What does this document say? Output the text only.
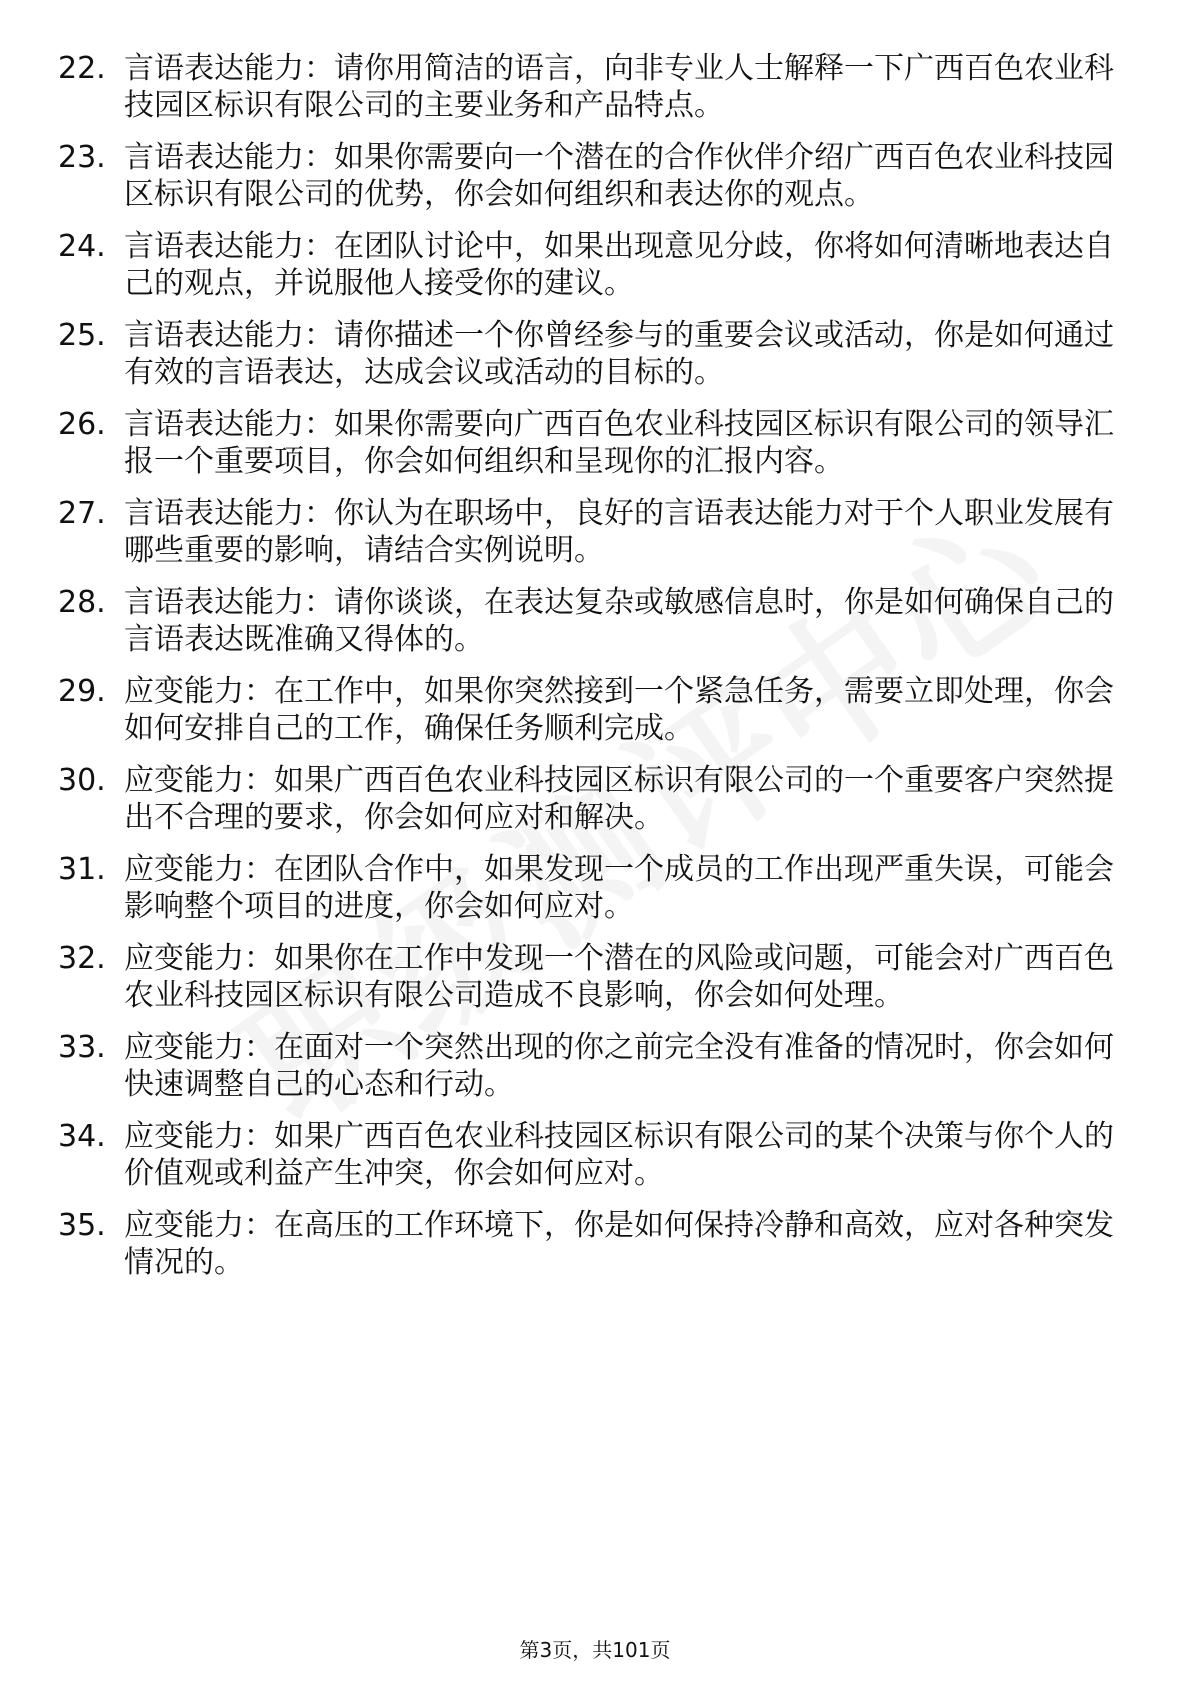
22. 言语表达能力：请你用简洁的语言，向非专业人士解释一下广西百色农业科技园区标识有限公司的主要业务和产品特点。
23. 言语表达能力：如果你需要向一个潜在的合作伙伴介绍广西百色农业科技园区标识有限公司的优势，你会如何组织和表达你的观点。
24. 言语表达能力：在团队讨论中，如果出现意见分歧，你将如何清晰地表达自己的观点，并说服他人接受你的建议。
25. 言语表达能力：请你描述一个你曾经参与的重要会议或活动，你是如何通过有效的言语表达，达成会议或活动的目标的。
26. 言语表达能力：如果你需要向广西百色农业科技园区标识有限公司的领导汇报一个重要项目，你会如何组织和呈现你的汇报内容。
27. 言语表达能力：你认为在职场中，良好的言语表达能力对于个人职业发展有哪些重要的影响，请结合实例说明。
28. 言语表达能力：请你谈谈，在表达复杂或敏感信息时，你是如何确保自己的言语表达既准确又得体的。
29. 应变能力：在工作中，如果你突然接到一个紧急任务，需要立即处理，你会如何安排自己的工作，确保任务顺利完成。
30. 应变能力：如果广西百色农业科技园区标识有限公司的一个重要客户突然提出不合理的要求，你会如何应对和解决。
31. 应变能力：在团队合作中，如果发现一个成员的工作出现严重失误，可能会影响整个项目的进度，你会如何应对。
32. 应变能力：如果你在工作中发现一个潜在的风险或问题，可能会对广西百色农业科技园区标识有限公司造成不良影响，你会如何处理。
33. 应变能力：在面对一个突然出现的你之前完全没有准备的情况时，你会如何快速调整自己的心态和行动。
34. 应变能力：如果广西百色农业科技园区标识有限公司的某个决策与你个人的价值观或利益产生冲突，你会如何应对。
35. 应变能力：在高压的工作环境下，你是如何保持冷静和高效，应对各种突发情况的。
第3页，共101页
